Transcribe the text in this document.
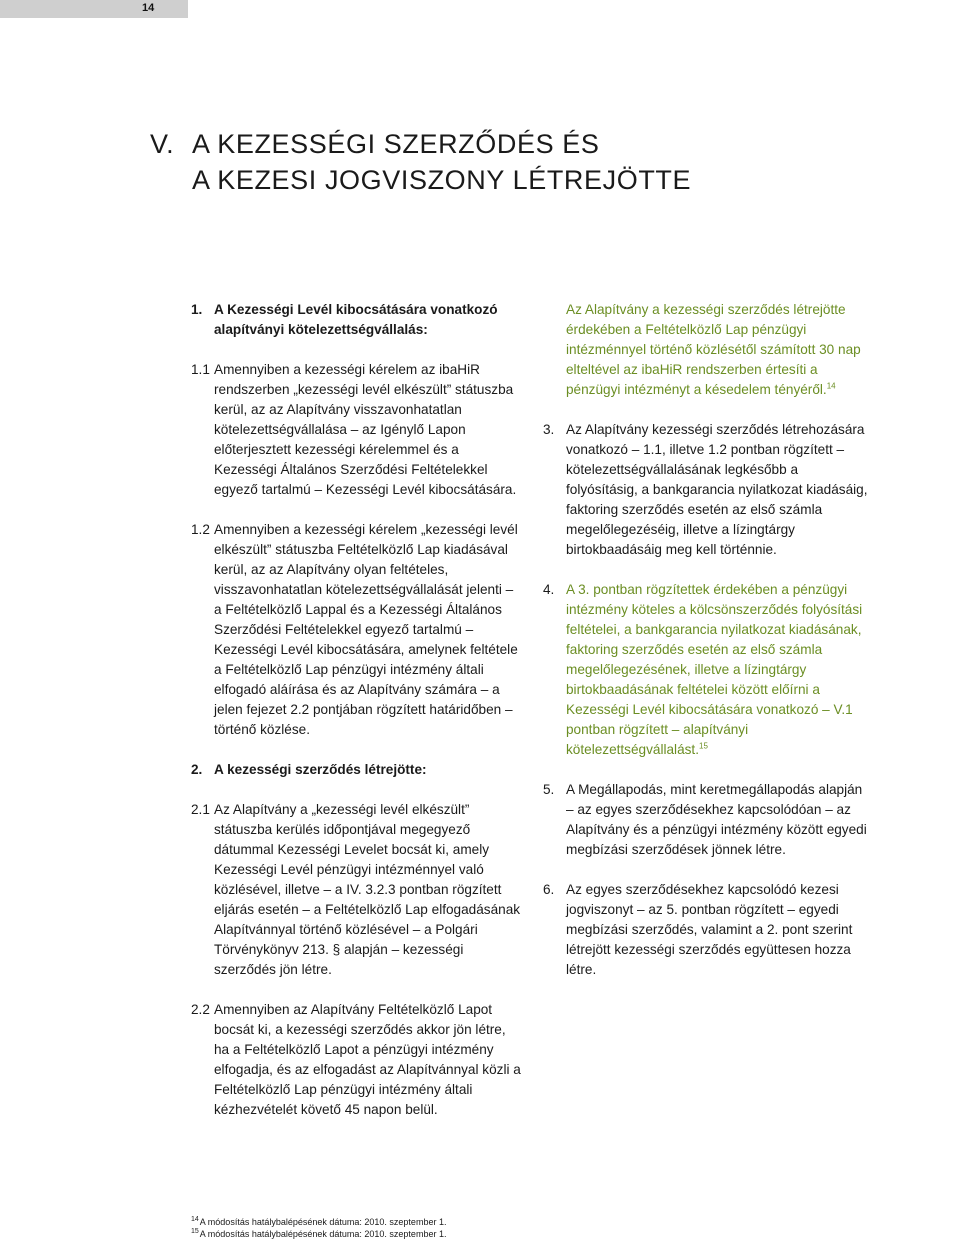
14
V. A KEZESSÉGI SZERZŐDÉS ÉS
A KEZESI JOGVISZONY LÉTREJÖTTE
1. A Kezességi Levél kibocsátására vonatkozó alapítványi kötelezettségvállalás:
1.1 Amennyiben a kezességi kérelem az ibaHiR rendszerben „kezességi levél elkészült” státuszba kerül, az az Alapítvány visszavonhatatlan kötelezettségvállalása – az Igénylő Lapon előterjesztett kezességi kérelemmel és a Kezességi Általános Szerződési Feltételekkel egyező tartalmú – Kezességi Levél kibocsátására.
1.2 Amennyiben a kezességi kérelem „kezességi levél elkészült” státuszba Feltételközlő Lap kiadásával kerül, az az Alapítvány olyan feltételes, visszavonhatatlan kötelezettségvállalását jelenti – a Feltételközlő Lappal és a Kezességi Általános Szerződési Feltételekkel egyező tartalmú – Kezességi Levél kibocsátására, amelynek feltétele a Feltételközlő Lap pénzügyi intézmény általi elfogadó aláírása és az Alapítvány számára – a jelen fejezet 2.2 pontjában rögzített határidőben – történő közlése.
2. A kezességi szerződés létrejötte:
2.1 Az Alapítvány a „kezességi levél elkészült” státuszba kerülés időpontjával megegyező dátummal Kezességi Levelet bocsát ki, amely Kezességi Levél pénzügyi intézménnyel való közlésével, illetve – a IV. 3.2.3 pontban rögzített eljárás esetén – a Feltételközlő Lap elfogadásának Alapítvánnyal történő közlésével – a Polgári Törvénykönyv 213. § alapján – kezességi szerződés jön létre.
2.2 Amennyiben az Alapítvány Feltételközlő Lapot bocsát ki, a kezességi szerződés akkor jön létre, ha a Feltételközlő Lapot a pénzügyi intézmény elfogadja, és az elfogadást az Alapítvánnyal közli a Feltételközlő Lap pénzügyi intézmény általi kézhezvételét követő 45 napon belül.
Az Alapítvány a kezességi szerződés létrejötte érdekében a Feltételközlő Lap pénzügyi intézménnyel történő közlésétől számított 30 nap elteltével az ibaHiR rendszerben értesíti a pénzügyi intézményt a késedelem tényéről.$^{14}$
3. Az Alapítvány kezességi szerződés létrehozására vonatkozó – 1.1, illetve 1.2 pontban rögzített – kötelezettségvállalásának legkésőbb a folyósításig, a bankgarancia nyilatkozat kiadásáig, faktoring szerződés esetén az első számla megelőlegezéséig, illetve a lízingtárgy birtokbaadásáig meg kell történnie.
4. A 3. pontban rögzítettek érdekében a pénzügyi intézmény köteles a kölcsönszerződés folyósítási feltételei, a bankgarancia nyilatkozat kiadásának, faktoring szerződés esetén az első számla megelőlegezésének, illetve a lízingtárgy birtokbaadásának feltételei között előírni a Kezességi Levél kibocsátására vonatkozó – V.1 pontban rögzített – alapítványi kötelezettségvállalást.$^{15}$
5. A Megállapodás, mint keretmegállapodás alapján – az egyes szerződésekhez kapcsolódóan – az Alapítvány és a pénzügyi intézmény között egyedi megbízási szerződések jönnek létre.
6. Az egyes szerződésekhez kapcsolódó kezesi jogviszonyt – az 5. pontban rögzített – egyedi megbízási szerződés, valamint a 2. pont szerint létrejött kezességi szerződés együttesen hozza létre.
$^{14}$A módosítás hatálybalépésének dátuma: 2010. szeptember 1.
$^{15}$A módosítás hatálybalépésének dátuma: 2010. szeptember 1.
